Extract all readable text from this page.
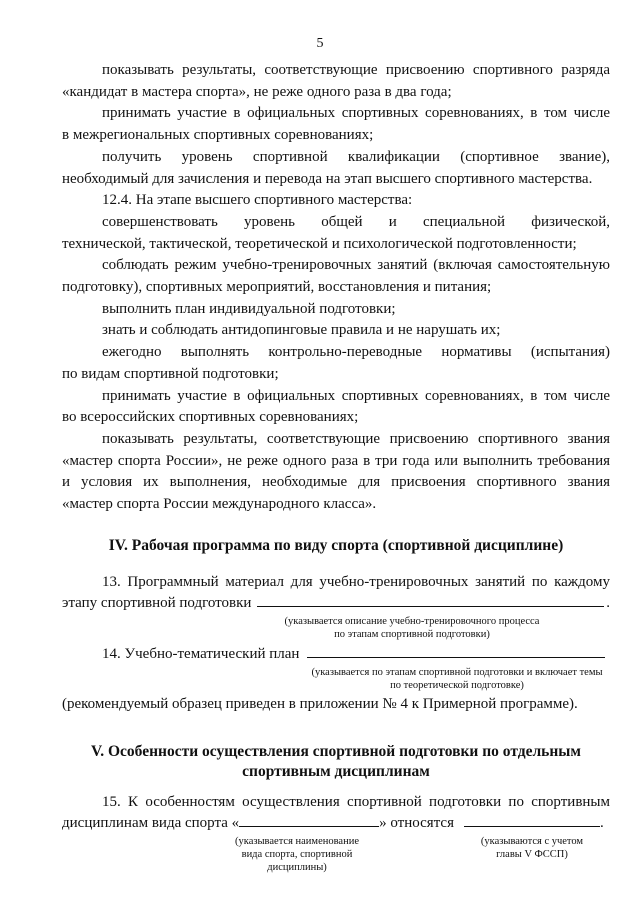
5

показывать результаты, соответствующие присвоению спортивного разряда

«кандидат в мастера спорта», не реже одного раза в два года;

принимать участие в официальных спортивных соревнованиях, в том числе

в межрегиональных спортивных соревнованиях;

получить уровень спортивной квалификации (спортивное звание),

необходимый для зачисления и перевода на этап высшего спортивного мастерства.

12.4. На этапе высшего спортивного мастерства:

совершенствовать уровень общей и специальной физической,

технической, тактической, теоретической и психологической подготовленности;

соблюдать режим учебно-тренировочных занятий (включая самостоятельную

подготовку), спортивных мероприятий, восстановления и питания;

выполнить план индивидуальной подготовки;

знать и соблюдать антидопинговые правила и не нарушать их;

ежегодно выполнять контрольно-переводные нормативы (испытания)

по видам спортивной подготовки;

принимать участие в официальных спортивных соревнованиях, в том числе

во всероссийских спортивных соревнованиях;

показывать результаты, соответствующие присвоению спортивного звания

«мастер спорта России», не реже одного раза в три года или выполнить требования

и условия их выполнения, необходимые для присвоения спортивного звания

«мастер спорта России международного класса».

IV. Рабочая программа по виду спорта (спортивной дисциплине)

13. Программный материал для учебно-тренировочных занятий по каждому

этапу спортивной подготовки	.
(указывается описание учебно-тренировочного процесса
по этапам спортивной подготовки)
14. Учебно-тематический план
(указывается по этапам спортивной подготовки и включает темы
по теоретической подготовке)

(рекомендуемый образец приведен в приложении № 4 к Примерной программе).

V. Особенности осуществления спортивной подготовки по отдельным

спортивным дисциплинам

15. К особенностям осуществления спортивной подготовки по спортивным

дисциплинам вида спорта «	» относятся	.
(указывается наименование
вида спорта, спортивной
дисциплины)
(указываются с учетом
главы V ФССП)
